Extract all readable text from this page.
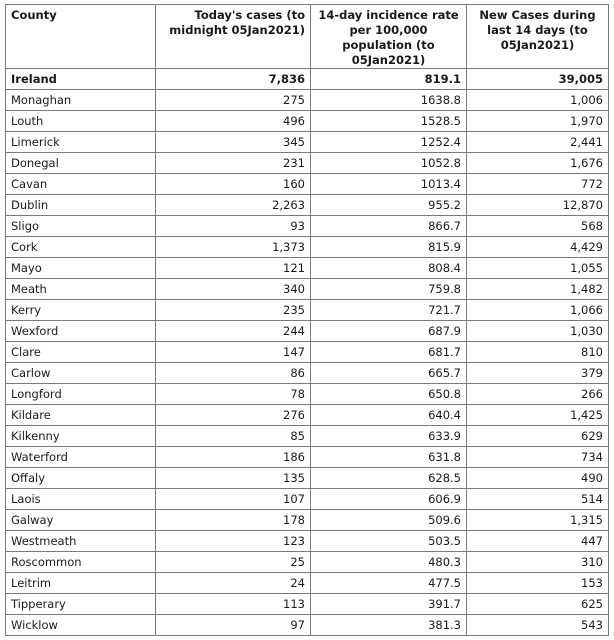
County	Today's cases (to midnight 05Jan2021)	14-day incidence rate per 100,000 population (to 05Jan2021)	New Cases during last 14 days (to 05Jan2021)
Ireland	7,836	819.1	39,005
Monaghan	275	1638.8	1,006
Louth	496	1528.5	1,970
Limerick	345	1252.4	2,441
Donegal	231	1052.8	1,676
Cavan	160	1013.4	772
Dublin	2,263	955.2	12,870
Sligo	93	866.7	568
Cork	1,373	815.9	4,429
Mayo	121	808.4	1,055
Meath	340	759.8	1,482
Kerry	235	721.7	1,066
Wexford	244	687.9	1,030
Clare	147	681.7	810
Carlow	86	665.7	379
Longford	78	650.8	266
Kildare	276	640.4	1,425
Kilkenny	85	633.9	629
Waterford	186	631.8	734
Offaly	135	628.5	490
Laois	107	606.9	514
Galway	178	509.6	1,315
Westmeath	123	503.5	447
Roscommon	25	480.3	310
Leitrim	24	477.5	153
Tipperary	113	391.7	625
Wicklow	97	381.3	543
